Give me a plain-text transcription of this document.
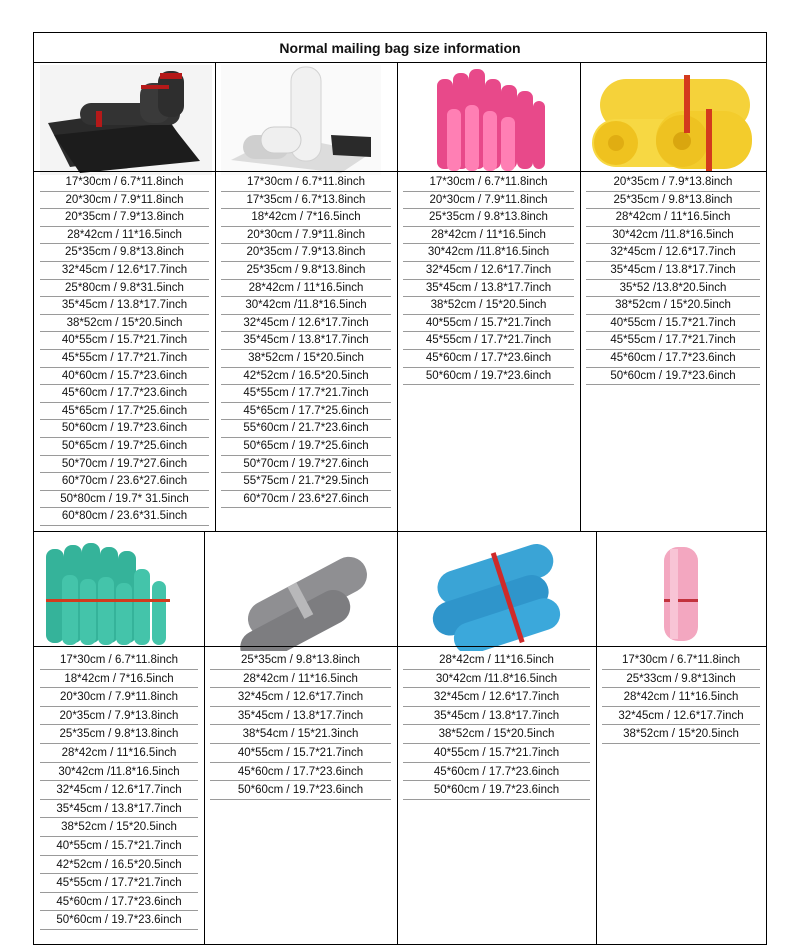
Normal mailing bag size information
17*30cm / 6.7*11.8inch
20*30cm / 7.9*11.8inch
20*35cm / 7.9*13.8inch
28*42cm / 11*16.5inch
25*35cm / 9.8*13.8inch
32*45cm / 12.6*17.7inch
25*80cm / 9.8*31.5inch
35*45cm / 13.8*17.7inch
38*52cm / 15*20.5inch
40*55cm / 15.7*21.7inch
45*55cm / 17.7*21.7inch
40*60cm / 15.7*23.6inch
45*60cm / 17.7*23.6inch
45*65cm / 17.7*25.6inch
50*60cm / 19.7*23.6inch
50*65cm / 19.7*25.6inch
50*70cm / 19.7*27.6inch
60*70cm / 23.6*27.6inch
50*80cm / 19.7* 31.5inch
60*80cm / 23.6*31.5inch
17*30cm / 6.7*11.8inch
17*35cm / 6.7*13.8inch
18*42cm / 7*16.5inch
20*30cm / 7.9*11.8inch
20*35cm / 7.9*13.8inch
25*35cm / 9.8*13.8inch
28*42cm / 11*16.5inch
30*42cm /11.8*16.5inch
32*45cm / 12.6*17.7inch
35*45cm / 13.8*17.7inch
38*52cm / 15*20.5inch
42*52cm / 16.5*20.5inch
45*55cm / 17.7*21.7inch
45*65cm / 17.7*25.6inch
55*60cm / 21.7*23.6inch
50*65cm / 19.7*25.6inch
50*70cm / 19.7*27.6inch
55*75cm / 21.7*29.5inch
60*70cm / 23.6*27.6inch
17*30cm / 6.7*11.8inch
20*30cm / 7.9*11.8inch
25*35cm / 9.8*13.8inch
28*42cm / 11*16.5inch
30*42cm /11.8*16.5inch
32*45cm / 12.6*17.7inch
35*45cm / 13.8*17.7inch
38*52cm / 15*20.5inch
40*55cm / 15.7*21.7inch
45*55cm / 17.7*21.7inch
45*60cm / 17.7*23.6inch
50*60cm / 19.7*23.6inch
20*35cm / 7.9*13.8inch
25*35cm / 9.8*13.8inch
28*42cm / 11*16.5inch
30*42cm /11.8*16.5inch
32*45cm / 12.6*17.7inch
35*45cm / 13.8*17.7inch
35*52 /13.8*20.5inch
38*52cm / 15*20.5inch
40*55cm / 15.7*21.7inch
45*55cm / 17.7*21.7inch
45*60cm / 17.7*23.6inch
50*60cm / 19.7*23.6inch
17*30cm / 6.7*11.8inch
18*42cm / 7*16.5inch
20*30cm / 7.9*11.8inch
20*35cm / 7.9*13.8inch
25*35cm / 9.8*13.8inch
28*42cm / 11*16.5inch
30*42cm /11.8*16.5inch
32*45cm / 12.6*17.7inch
35*45cm / 13.8*17.7inch
38*52cm / 15*20.5inch
40*55cm / 15.7*21.7inch
42*52cm / 16.5*20.5inch
45*55cm / 17.7*21.7inch
45*60cm / 17.7*23.6inch
50*60cm / 19.7*23.6inch
25*35cm / 9.8*13.8inch
28*42cm / 11*16.5inch
32*45cm / 12.6*17.7inch
35*45cm / 13.8*17.7inch
38*54cm / 15*21.3inch
40*55cm / 15.7*21.7inch
45*60cm / 17.7*23.6inch
50*60cm / 19.7*23.6inch
28*42cm / 11*16.5inch
30*42cm /11.8*16.5inch
32*45cm / 12.6*17.7inch
35*45cm / 13.8*17.7inch
38*52cm / 15*20.5inch
40*55cm / 15.7*21.7inch
45*60cm / 17.7*23.6inch
50*60cm / 19.7*23.6inch
17*30cm / 6.7*11.8inch
25*33cm / 9.8*13inch
28*42cm / 11*16.5inch
32*45cm / 12.6*17.7inch
38*52cm / 15*20.5inch
